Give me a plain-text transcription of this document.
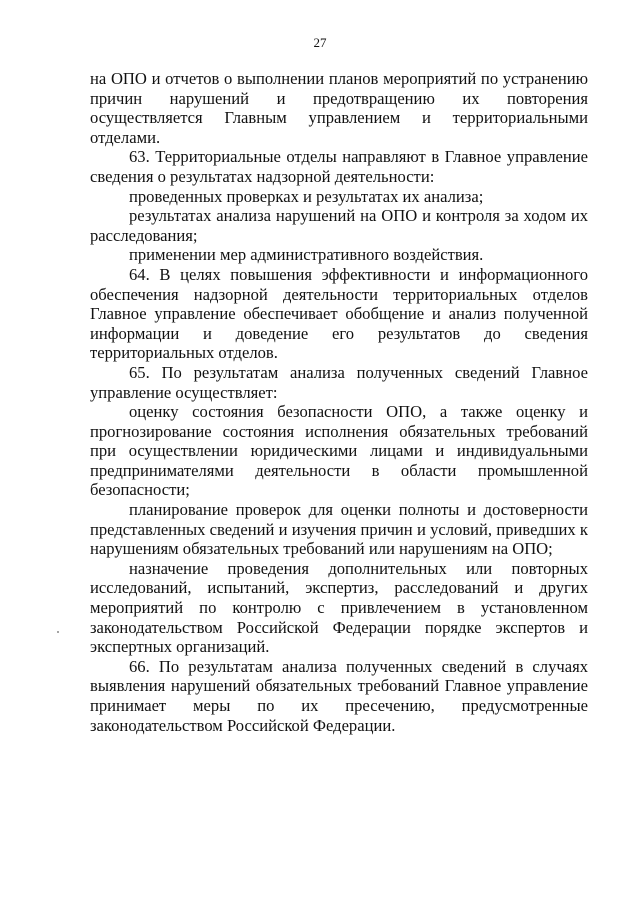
27

на ОПО и отчетов о выполнении планов мероприятий по устранению причин нарушений и предотвращению их повторения осуществляется Главным управлением и территориальными отделами.

63. Территориальные отделы направляют в Главное управление сведения о результатах надзорной деятельности:

проведенных проверках и результатах их анализа;

результатах анализа нарушений на ОПО и контроля за ходом их расследования;

применении мер административного воздействия.

64. В целях повышения эффективности и информационного обеспечения надзорной деятельности территориальных отделов Главное управление обеспечивает обобщение и анализ полученной информации и доведение его результатов до сведения территориальных отделов.

65. По результатам анализа полученных сведений Главное управление осуществляет:

оценку состояния безопасности ОПО, а также оценку и прогнозирование состояния исполнения обязательных требований при осуществлении юридическими лицами и индивидуальными предпринимателями деятельности в области промышленной безопасности;

планирование проверок для оценки полноты и достоверности представленных сведений и изучения причин и условий, приведших к нарушениям обязательных требований или нарушениям на ОПО;

назначение проведения дополнительных или повторных исследований, испытаний, экспертиз, расследований и других мероприятий по контролю с привлечением в установленном законодательством Российской Федерации порядке экспертов и экспертных организаций.

66. По результатам анализа полученных сведений в случаях выявления нарушений обязательных требований Главное управление принимает меры по их пресечению, предусмотренные законодательством Российской Федерации.
